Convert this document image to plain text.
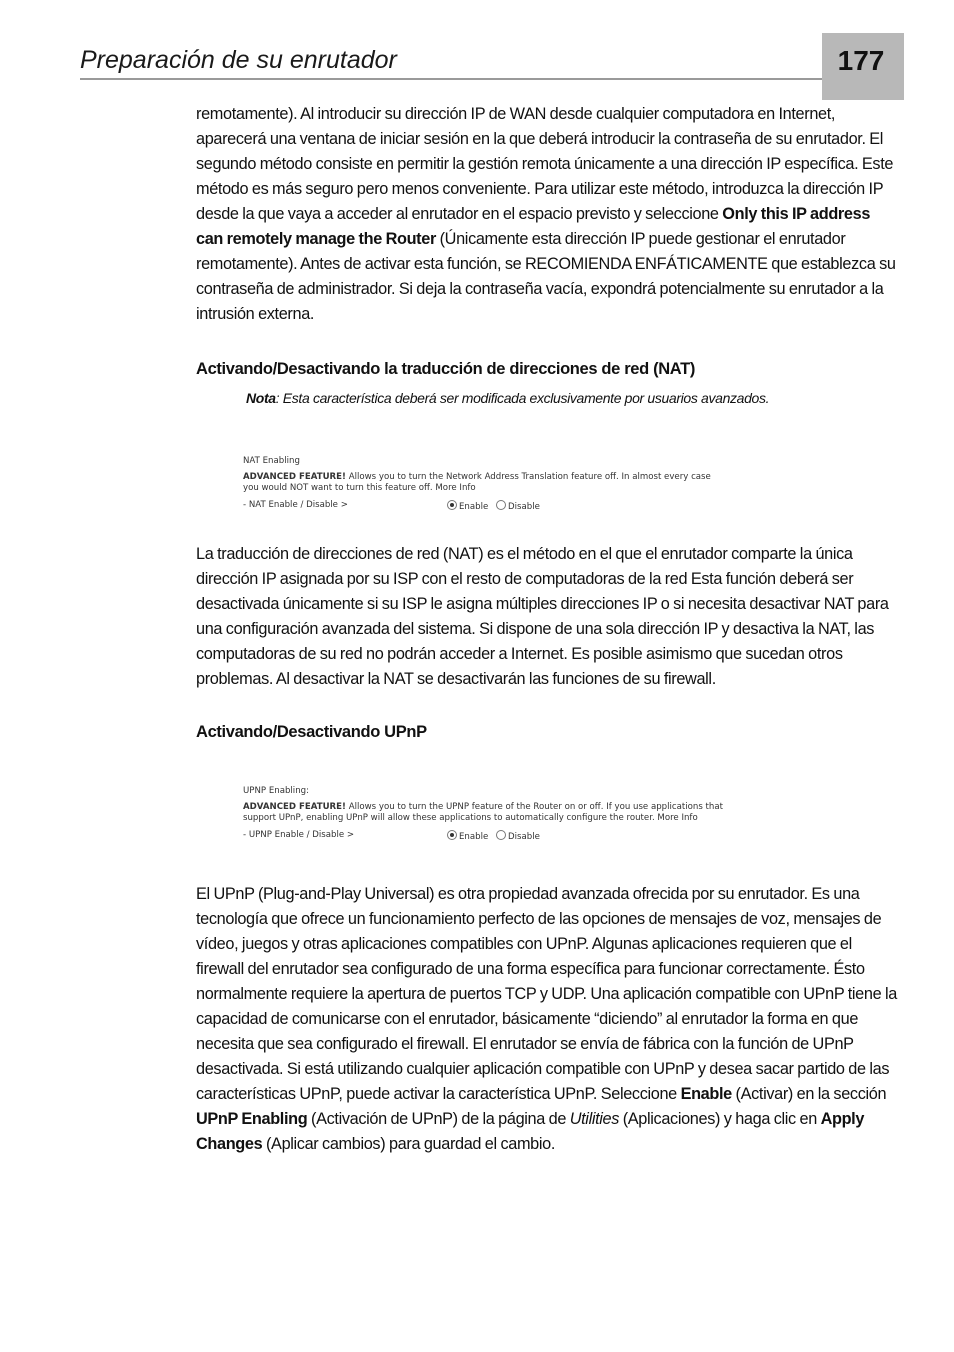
Preparación de su enrutador	177

remotamente). Al introducir su dirección IP de WAN desde cualquier computadora en Internet, aparecerá una ventana de iniciar sesión en la que deberá introducir la contraseña de su enrutador. El segundo método consiste en permitir la gestión remota únicamente a una dirección IP específica. Este método es más seguro pero menos conveniente. Para utilizar este método, introduzca la dirección IP desde la que vaya a acceder al enrutador en el espacio previsto y seleccione Only this IP address can remotely manage the Router (Únicamente esta dirección IP puede gestionar el enrutador remotamente). Antes de activar esta función, se RECOMIENDA ENFÁTICAMENTE que establezca su contraseña de administrador. Si deja la contraseña vacía, expondrá potencialmente su enrutador a la intrusión externa.

Activando/Desactivando la traducción de direcciones de red (NAT)
Nota: Esta característica deberá ser modificada exclusivamente por usuarios avanzados.
NAT Enabling
ADVANCED FEATURE! Allows you to turn the Network Address Translation feature off. In almost every case you would NOT want to turn this feature off. More Info
- NAT Enable / Disable >	Enable Disable

La traducción de direcciones de red (NAT) es el método en el que el enrutador comparte la única dirección IP asignada por su ISP con el resto de computadoras de la red Esta función deberá ser desactivada únicamente si su ISP le asigna múltiples direcciones IP o si necesita desactivar NAT para una configuración avanzada del sistema. Si dispone de una sola dirección IP y desactiva la NAT, las computadoras de su red no podrán acceder a Internet. Es posible asimismo que sucedan otros problemas. Al desactivar la NAT se desactivarán las funciones de su firewall.

Activando/Desactivando UPnP
UPNP Enabling:
ADVANCED FEATURE! Allows you to turn the UPNP feature of the Router on or off. If you use applications that support UPnP, enabling UPnP will allow these applications to automatically configure the router. More Info
- UPNP Enable / Disable >	Enable Disable

El UPnP (Plug-and-Play Universal) es otra propiedad avanzada ofrecida por su enrutador. Es una tecnología que ofrece un funcionamiento perfecto de las opciones de mensajes de voz, mensajes de vídeo, juegos y otras aplicaciones compatibles con UPnP. Algunas aplicaciones requieren que el firewall del enrutador sea configurado de una forma específica para funcionar correctamente. Ésto normalmente requiere la apertura de puertos TCP y UDP. Una aplicación compatible con UPnP tiene la capacidad de comunicarse con el enrutador, básicamente “diciendo” al enrutador la forma en que necesita que sea configurado el firewall. El enrutador se envía de fábrica con la función de UPnP desactivada. Si está utilizando cualquier aplicación compatible con UPnP y desea sacar partido de las características UPnP, puede activar la característica UPnP. Seleccione Enable (Activar) en la sección UPnP Enabling (Activación de UPnP) de la página de Utilities (Aplicaciones) y haga clic en Apply Changes (Aplicar cambios) para guardad el cambio.
